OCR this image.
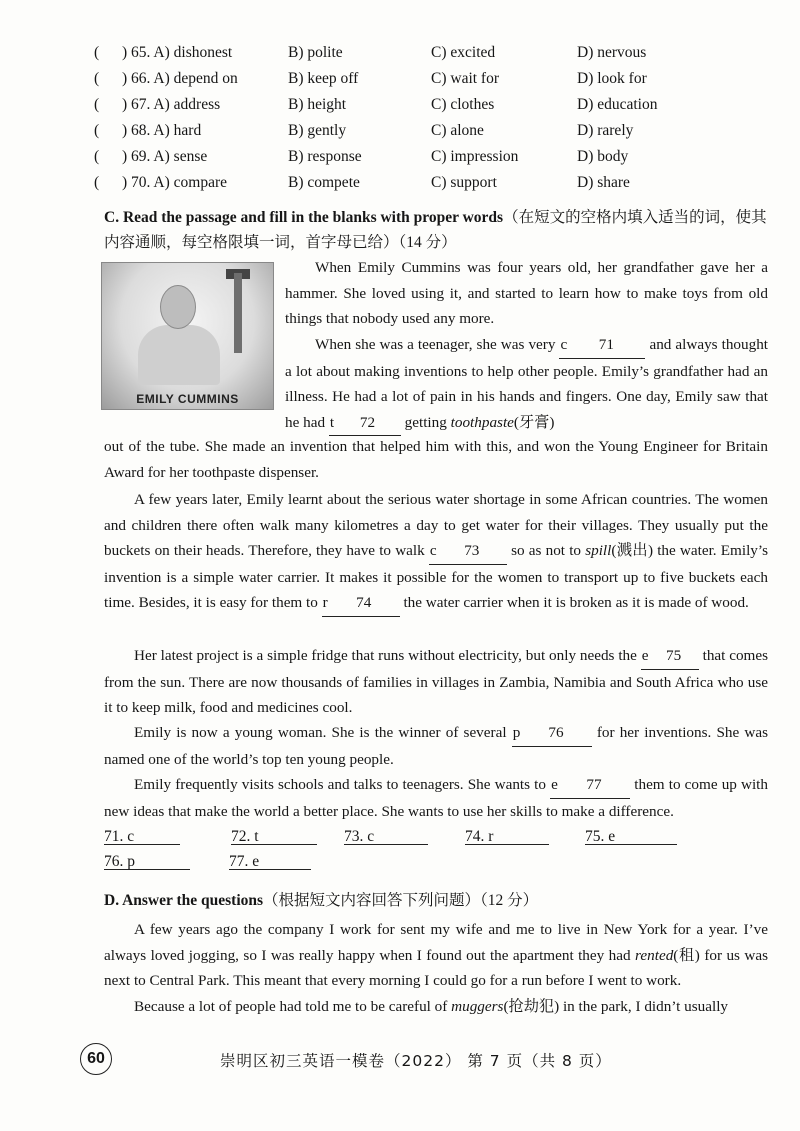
( ) 65. A) dishonest	B) polite	C) excited	D) nervous
( ) 66. A) depend on	B) keep off	C) wait for	D) look for
( ) 67. A) address	B) height	C) clothes	D) education
( ) 68. A) hard	B) gently	C) alone	D) rarely
( ) 69. A) sense	B) response	C) impression	D) body
( ) 70. A) compare	B) compete	C) support	D) share
C. Read the passage and fill in the blanks with proper words（在短文的空格内填入适当的词，使其内容通顺，每空格限填一词，首字母已给）（14 分）
EMILY CUMMINS

When Emily Cummins was four years old, her grandfather gave her a hammer. She loved using it, and started to learn how to make toys from old things that nobody used any more.

When she was a teenager, she was very c 71 and always thought a lot about making inventions to help other people. Emily’s grandfather had an illness. He had a lot of pain in his hands and fingers. One day, Emily saw that he had t 72 getting toothpaste(牙膏)

out of the tube. She made an invention that helped him with this, and won the Young Engineer for Britain Award for her toothpaste dispenser.

A few years later, Emily learnt about the serious water shortage in some African countries. The women and children there often walk many kilometres a day to get water for their villages. They usually put the buckets on their heads. Therefore, they have to walk c 73 so as not to spill(溅出) the water. Emily’s invention is a simple water carrier. It makes it possible for the women to transport up to five buckets each time. Besides, it is easy for them to r 74 the water carrier when it is broken as it is made of wood.

Her latest project is a simple fridge that runs without electricity, but only needs the e 75 that comes from the sun. There are now thousands of families in villages in Zambia, Namibia and South Africa who use it to keep milk, food and medicines cool.

Emily is now a young woman. She is the winner of several p 76 for her inventions. She was named one of the world’s top ten young people.

Emily frequently visits schools and talks to teenagers. She wants to e 77 them to come up with new ideas that make the world a better place. She wants to use her skills to make a difference.

71. c	72. t	73. c	74. r	75. e
76. p	77. e
D. Answer the questions（根据短文内容回答下列问题）（12 分）

A few years ago the company I work for sent my wife and me to live in New York for a year. I’ve always loved jogging, so I was really happy when I found out the apartment they had rented(租) for us was next to Central Park. This meant that every morning I could go for a run before I went to work.

Because a lot of people had told me to be careful of muggers(抢劫犯) in the park, I didn’t usually

60	崇明区初三英语一模卷（2022） 第 7 页（共 8 页）
